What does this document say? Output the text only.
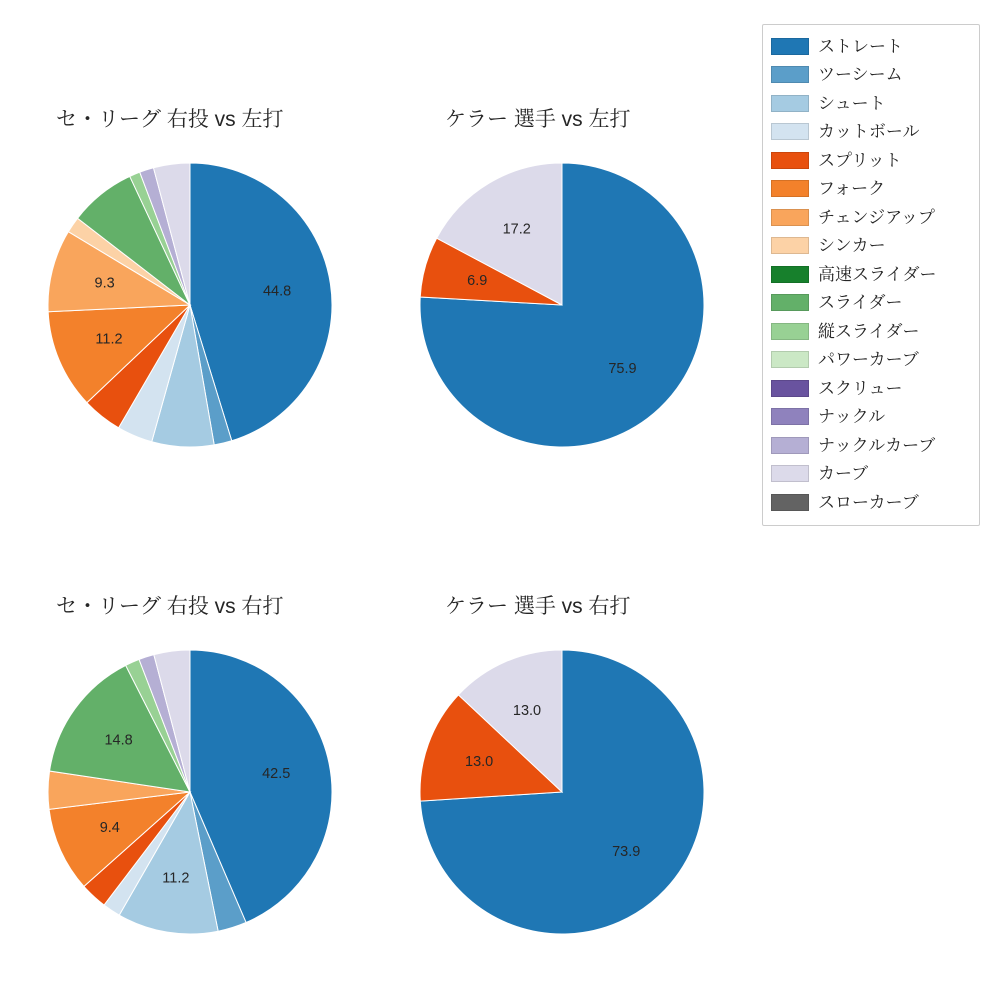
セ・リーグ 右投 vs 左打
44.8
11.2
9.3
ケラー 選手 vs 左打
75.9
6.9
17.2
セ・リーグ 右投 vs 右打
42.5
11.2
9.4
14.8
ケラー 選手 vs 右打
73.9
13.0
13.0
ストレート
ツーシーム
シュート
カットボール
スプリット
フォーク
チェンジアップ
シンカー
高速スライダー
スライダー
縦スライダー
パワーカーブ
スクリュー
ナックル
ナックルカーブ
カーブ
スローカーブ
